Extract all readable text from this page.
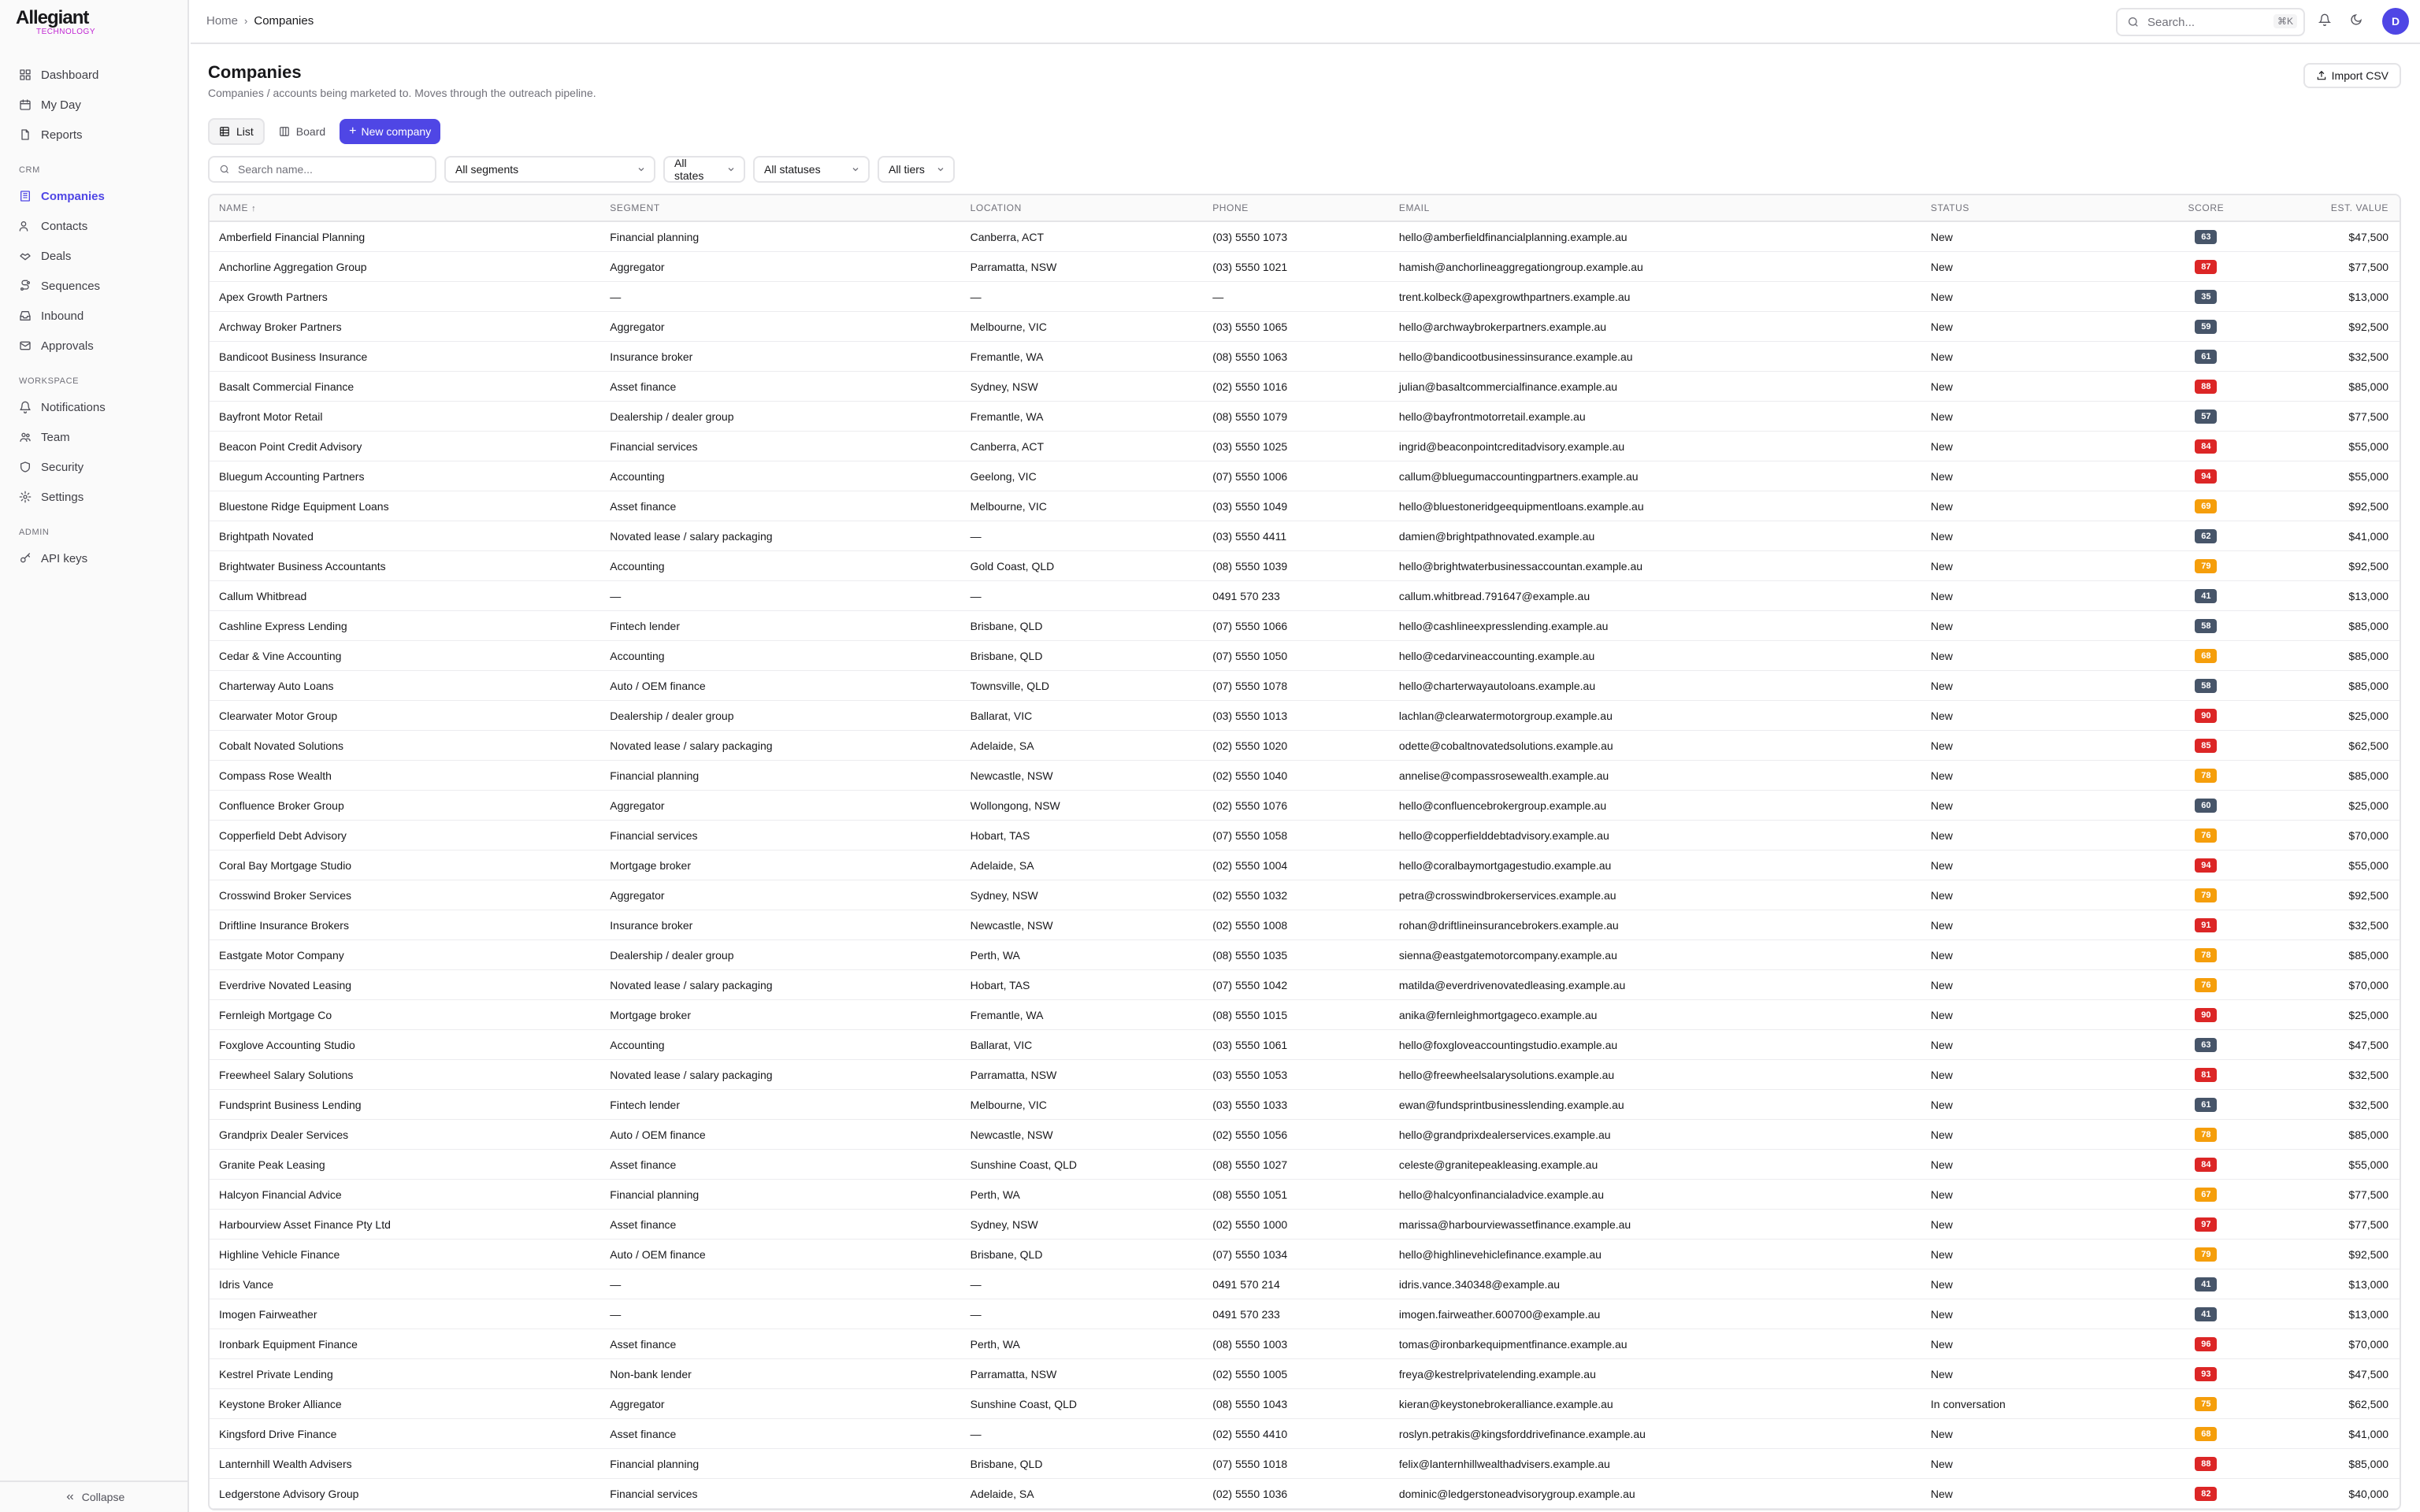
Allegiant
TECHNOLOGY
Dashboard
My Day
Reports
CRM
Companies
Contacts
Deals
Sequences
Inbound
Approvals
WORKSPACE
Notifications
Team
Security
Settings
ADMIN
API keys
Collapse
Home › Companies	Search...	⌘K	D
Companies

Companies / accounts being marketed to. Moves through the outreach pipeline.

Import CSV
List	Board + New company
Search name...	All segments	All states	All statuses	All tiers
NAME ↑	SEGMENT	LOCATION	PHONE	EMAIL	STATUS	SCORE	EST. VALUE
Amberfield Financial Planning	Financial planning	Canberra, ACT	(03) 5550 1073	hello@amberfieldfinancialplanning.example.au	New	63	$47,500
Anchorline Aggregation Group	Aggregator	Parramatta, NSW	(03) 5550 1021	hamish@anchorlineaggregationgroup.example.au	New	87	$77,500
Apex Growth Partners	—	—	—	trent.kolbeck@apexgrowthpartners.example.au	New	35	$13,000
Archway Broker Partners	Aggregator	Melbourne, VIC	(03) 5550 1065	hello@archwaybrokerpartners.example.au	New	59	$92,500
Bandicoot Business Insurance	Insurance broker	Fremantle, WA	(08) 5550 1063	hello@bandicootbusinessinsurance.example.au	New	61	$32,500
Basalt Commercial Finance	Asset finance	Sydney, NSW	(02) 5550 1016	julian@basaltcommercialfinance.example.au	New	88	$85,000
Bayfront Motor Retail	Dealership / dealer group	Fremantle, WA	(08) 5550 1079	hello@bayfrontmotorretail.example.au	New	57	$77,500
Beacon Point Credit Advisory	Financial services	Canberra, ACT	(03) 5550 1025	ingrid@beaconpointcreditadvisory.example.au	New	84	$55,000
Bluegum Accounting Partners	Accounting	Geelong, VIC	(07) 5550 1006	callum@bluegumaccountingpartners.example.au	New	94	$55,000
Bluestone Ridge Equipment Loans	Asset finance	Melbourne, VIC	(03) 5550 1049	hello@bluestoneridgeequipmentloans.example.au	New	69	$92,500
Brightpath Novated	Novated lease / salary packaging	—	(03) 5550 4411	damien@brightpathnovated.example.au	New	62	$41,000
Brightwater Business Accountants	Accounting	Gold Coast, QLD	(08) 5550 1039	hello@brightwaterbusinessaccountan.example.au	New	79	$92,500
Callum Whitbread	—	—	0491 570 233	callum.whitbread.791647@example.au	New	41	$13,000
Cashline Express Lending	Fintech lender	Brisbane, QLD	(07) 5550 1066	hello@cashlineexpresslending.example.au	New	58	$85,000
Cedar & Vine Accounting	Accounting	Brisbane, QLD	(07) 5550 1050	hello@cedarvineaccounting.example.au	New	68	$85,000
Charterway Auto Loans	Auto / OEM finance	Townsville, QLD	(07) 5550 1078	hello@charterwayautoloans.example.au	New	58	$85,000
Clearwater Motor Group	Dealership / dealer group	Ballarat, VIC	(03) 5550 1013	lachlan@clearwatermotorgroup.example.au	New	90	$25,000
Cobalt Novated Solutions	Novated lease / salary packaging	Adelaide, SA	(02) 5550 1020	odette@cobaltnovatedsolutions.example.au	New	85	$62,500
Compass Rose Wealth	Financial planning	Newcastle, NSW	(02) 5550 1040	annelise@compassrosewealth.example.au	New	78	$85,000
Confluence Broker Group	Aggregator	Wollongong, NSW	(02) 5550 1076	hello@confluencebrokergroup.example.au	New	60	$25,000
Copperfield Debt Advisory	Financial services	Hobart, TAS	(07) 5550 1058	hello@copperfielddebtadvisory.example.au	New	76	$70,000
Coral Bay Mortgage Studio	Mortgage broker	Adelaide, SA	(02) 5550 1004	hello@coralbaymortgagestudio.example.au	New	94	$55,000
Crosswind Broker Services	Aggregator	Sydney, NSW	(02) 5550 1032	petra@crosswindbrokerservices.example.au	New	79	$92,500
Driftline Insurance Brokers	Insurance broker	Newcastle, NSW	(02) 5550 1008	rohan@driftlineinsurancebrokers.example.au	New	91	$32,500
Eastgate Motor Company	Dealership / dealer group	Perth, WA	(08) 5550 1035	sienna@eastgatemotorcompany.example.au	New	78	$85,000
Everdrive Novated Leasing	Novated lease / salary packaging	Hobart, TAS	(07) 5550 1042	matilda@everdrivenovatedleasing.example.au	New	76	$70,000
Fernleigh Mortgage Co	Mortgage broker	Fremantle, WA	(08) 5550 1015	anika@fernleighmortgageco.example.au	New	90	$25,000
Foxglove Accounting Studio	Accounting	Ballarat, VIC	(03) 5550 1061	hello@foxgloveaccountingstudio.example.au	New	63	$47,500
Freewheel Salary Solutions	Novated lease / salary packaging	Parramatta, NSW	(03) 5550 1053	hello@freewheelsalarysolutions.example.au	New	81	$32,500
Fundsprint Business Lending	Fintech lender	Melbourne, VIC	(03) 5550 1033	ewan@fundsprintbusinesslending.example.au	New	61	$32,500
Grandprix Dealer Services	Auto / OEM finance	Newcastle, NSW	(02) 5550 1056	hello@grandprixdealerservices.example.au	New	78	$85,000
Granite Peak Leasing	Asset finance	Sunshine Coast, QLD	(08) 5550 1027	celeste@granitepeakleasing.example.au	New	84	$55,000
Halcyon Financial Advice	Financial planning	Perth, WA	(08) 5550 1051	hello@halcyonfinancialadvice.example.au	New	67	$77,500
Harbourview Asset Finance Pty Ltd	Asset finance	Sydney, NSW	(02) 5550 1000	marissa@harbourviewassetfinance.example.au	New	97	$77,500
Highline Vehicle Finance	Auto / OEM finance	Brisbane, QLD	(07) 5550 1034	hello@highlinevehiclefinance.example.au	New	79	$92,500
Idris Vance	—	—	0491 570 214	idris.vance.340348@example.au	New	41	$13,000
Imogen Fairweather	—	—	0491 570 233	imogen.fairweather.600700@example.au	New	41	$13,000
Ironbark Equipment Finance	Asset finance	Perth, WA	(08) 5550 1003	tomas@ironbarkequipmentfinance.example.au	New	96	$70,000
Kestrel Private Lending	Non-bank lender	Parramatta, NSW	(02) 5550 1005	freya@kestrelprivatelending.example.au	New	93	$47,500
Keystone Broker Alliance	Aggregator	Sunshine Coast, QLD	(08) 5550 1043	kieran@keystonebrokeralliance.example.au	In conversation	75	$62,500
Kingsford Drive Finance	Asset finance	—	(02) 5550 4410	roslyn.petrakis@kingsforddrivefinance.example.au	New	68	$41,000
Lanternhill Wealth Advisers	Financial planning	Brisbane, QLD	(07) 5550 1018	felix@lanternhillwealthadvisers.example.au	New	88	$85,000
Ledgerstone Advisory Group	Financial services	Adelaide, SA	(02) 5550 1036	dominic@ledgerstoneadvisorygroup.example.au	New	82	$40,000
